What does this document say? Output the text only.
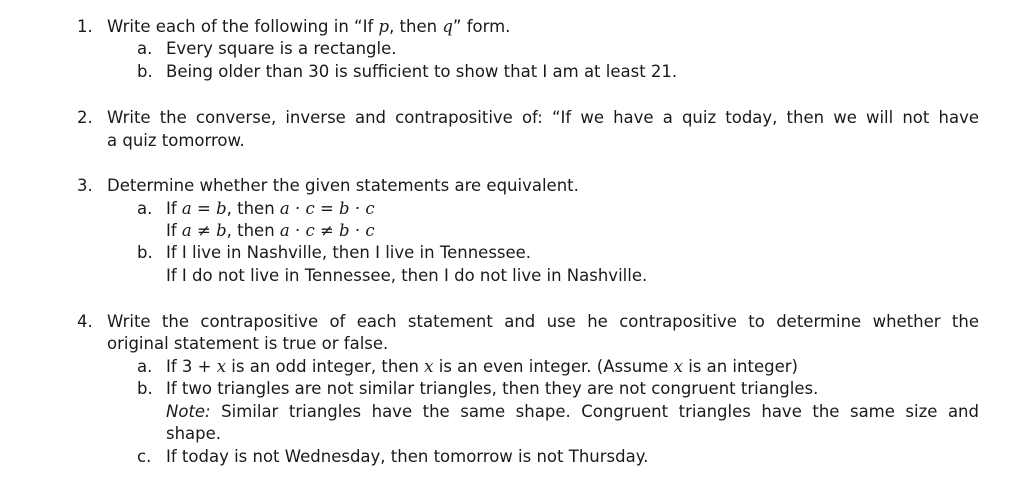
1. Write each of the following in “If p, then q” form.
a. Every square is a rectangle.
b. Being older than 30 is sufficient to show that I am at least 21.
2. Write the converse, inverse and contrapositive of: “If we have a quiz today, then we will not have
a quiz tomorrow.
3. Determine whether the given statements are equivalent.
a. If a = b, then a · c = b · c
If a ≠ b, then a · c ≠ b · c
b. If I live in Nashville, then I live in Tennessee.
If I do not live in Tennessee, then I do not live in Nashville.
4. Write the contrapositive of each statement and use he contrapositive to determine whether the
original statement is true or false.
a. If 3 + x is an odd integer, then x is an even integer. (Assume x is an integer)
b. If two triangles are not similar triangles, then they are not congruent triangles.
Note: Similar triangles have the same shape. Congruent triangles have the same size and
shape.
c. If today is not Wednesday, then tomorrow is not Thursday.
